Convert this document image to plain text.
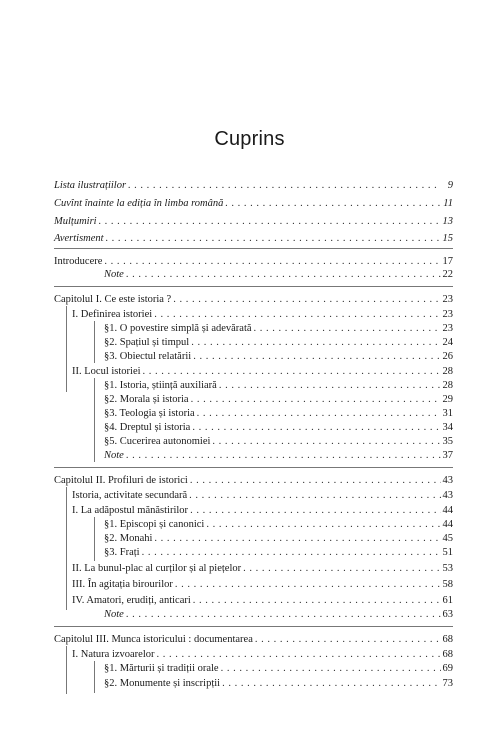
Cuprins
Lista ilustrațiilor . . .	9
Cuvînt înainte la ediția în limba română . . .	11
Mulțumiri . . .	13
Avertisment . . .	15
Introducere . . .	17
Note . . .	22
Capitolul I. Ce este istoria ? . . .	23
I. Definirea istoriei . . .	23
§1. O povestire simplă și adevărată . . .	23
§2. Spațiul și timpul . . .	24
§3. Obiectul relatării . . .	26
II. Locul istoriei . . .	28
§1. Istoria, știință auxiliară . . .	28
§2. Morala și istoria . . .	29
§3. Teologia și istoria . . .	31
§4. Dreptul și istoria . . .	34
§5. Cucerirea autonomiei . . .	35
Note . . .	37
Capitolul II. Profiluri de istorici . . .	43
Istoria, activitate secundară . . .	43
I. La adăpostul mănăstirilor . . .	44
§1. Episcopi și canonici . . .	44
§2. Monahi . . .	45
§3. Frați . . .	51
II. La bunul-plac al curților și al piețelor . . .	53
III. În agitația birourilor . . .	58
IV. Amatori, erudiți, anticari . . .	61
Note . . .	63
Capitolul III. Munca istoricului : documentarea . . .	68
I. Natura izvoarelor . . .	68
§1. Mărturii și tradiții orale . . .	69
§2. Monumente și inscripții . . .	73
